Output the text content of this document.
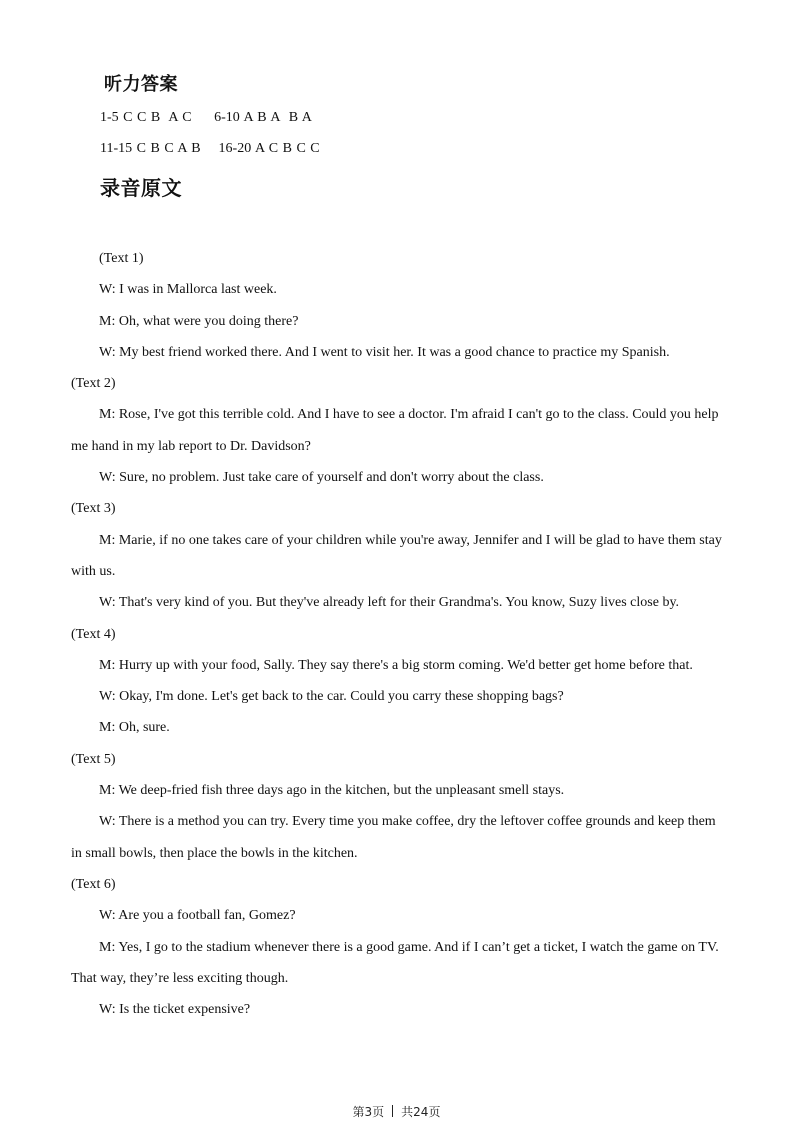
听力答案
1-5 C C B  A C     6-10 A B A  B A
11-15 C B C A B    16-20 A C B C C
录音原文

(Text 1)

W: I was in Mallorca last week.

M: Oh, what were you doing there?

W: My best friend worked there. And I went to visit her. It was a good chance to practice my Spanish.

(Text 2)

M: Rose, I've got this terrible cold. And I have to see a doctor. I'm afraid I can't go to the class. Could you help me hand in my lab report to Dr. Davidson?

W: Sure, no problem. Just take care of yourself and don't worry about the class.

(Text 3)

M: Marie, if no one takes care of your children while you're away, Jennifer and I will be glad to have them stay with us.

W: That's very kind of you. But they've already left for their Grandma's. You know, Suzy lives close by.

(Text 4)

M: Hurry up with your food, Sally. They say there's a big storm coming. We'd better get home before that.

W: Okay, I'm done. Let's get back to the car. Could you carry these shopping bags?

M: Oh, sure.

(Text 5)

M: We deep-fried fish three days ago in the kitchen, but the unpleasant smell stays.

W: There is a method you can try. Every time you make coffee, dry the leftover coffee grounds and keep them in small bowls, then place the bowls in the kitchen.

(Text 6)

W: Are you a football fan, Gomez?

M: Yes, I go to the stadium whenever there is a good game. And if I can’t get a ticket, I watch the game on TV. That way, they’re less exciting though.

W: Is the ticket expensive?

第3页 共24页
